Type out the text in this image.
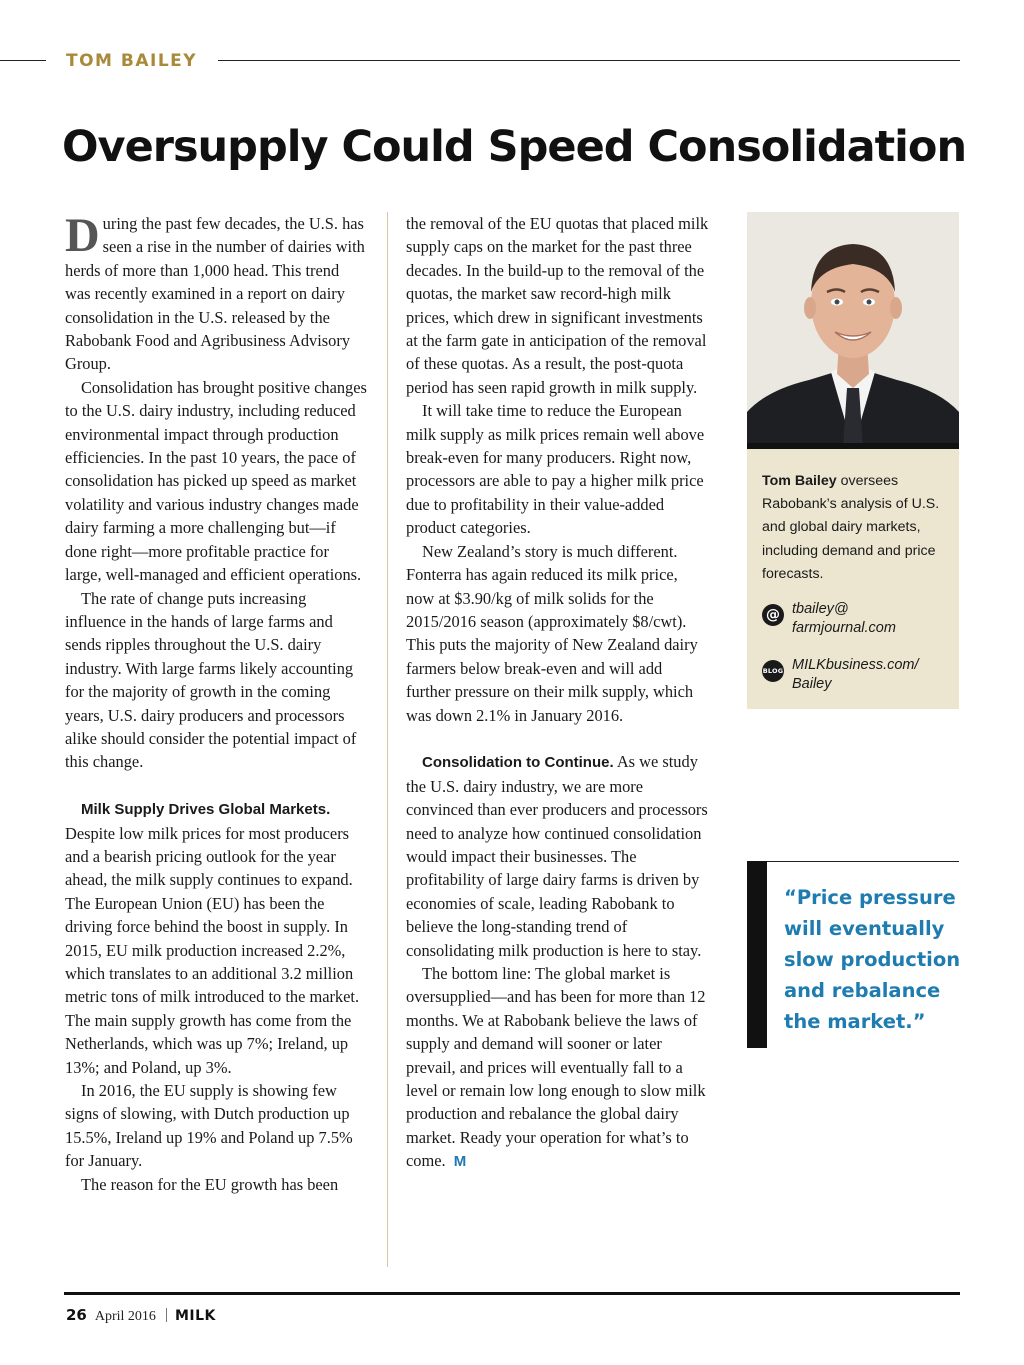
TOM BAILEY
Oversupply Could Speed Consolidation

During the past few decades, the U.S. has seen a rise in the number of dairies with herds of more than 1,000 head. This trend was recently examined in a report on dairy consolidation in the U.S. released by the Rabobank Food and Agribusiness Advisory Group.

Consolidation has brought positive changes to the U.S. dairy industry, including reduced environmental impact through production efficiencies. In the past 10 years, the pace of consolidation has picked up speed as market volatility and various industry changes made dairy farming a more challenging but—if done right—more profitable practice for large, well-managed and efficient operations.

The rate of change puts increasing influence in the hands of large farms and sends ripples throughout the U.S. dairy industry. With large farms likely accounting for the majority of growth in the coming years, U.S. dairy producers and processors alike should consider the potential impact of this change.

Milk Supply Drives Global Markets.

Despite low milk prices for most producers and a bearish pricing outlook for the year ahead, the milk supply continues to expand. The European Union (EU) has been the driving force behind the boost in supply. In 2015, EU milk production increased 2.2%, which translates to an additional 3.2 million metric tons of milk introduced to the market. The main supply growth has come from the Netherlands, which was up 7%; Ireland, up 13%; and Poland, up 3%.

In 2016, the EU supply is showing few signs of slowing, with Dutch production up 15.5%, Ireland up 19% and Poland up 7.5% for January.

The reason for the EU growth has been

the removal of the EU quotas that placed milk supply caps on the market for the past three decades. In the build-up to the removal of the quotas, the market saw record-high milk prices, which drew in significant investments at the farm gate in anticipation of the removal of these quotas. As a result, the post-quota period has seen rapid growth in milk supply.

It will take time to reduce the European milk supply as milk prices remain well above break-even for many producers. Right now, processors are able to pay a higher milk price due to profitability in their value-added product categories.

New Zealand’s story is much different. Fonterra has again reduced its milk price, now at $3.90/kg of milk solids for the 2015/2016 season (approximately $8/cwt). This puts the majority of New Zealand dairy farmers below break-even and will add further pressure on their milk supply, which was down 2.1% in January 2016.

Consolidation to Continue. As we study the U.S. dairy industry, we are more convinced than ever producers and processors need to analyze how continued consolidation would impact their businesses. The profitability of large dairy farms is driven by economies of scale, leading Rabobank to believe the long-standing trend of consolidating milk production is here to stay.

The bottom line: The global market is oversupplied—and has been for more than 12 months. We at Rabobank believe the laws of supply and demand will sooner or later prevail, and prices will eventually fall to a level or remain low long enough to slow milk production and rebalance the global dairy market. Ready your operation for what’s to come. M

Tom Bailey oversees Rabobank’s analysis of U.S. and global dairy markets, including demand and price forecasts.
@ tbailey@
farmjournal.com
BLOG MILKbusiness.com/
Bailey
“Price pressure
will eventually
slow production
and rebalance
the market.”
26 April 2016 MILK
